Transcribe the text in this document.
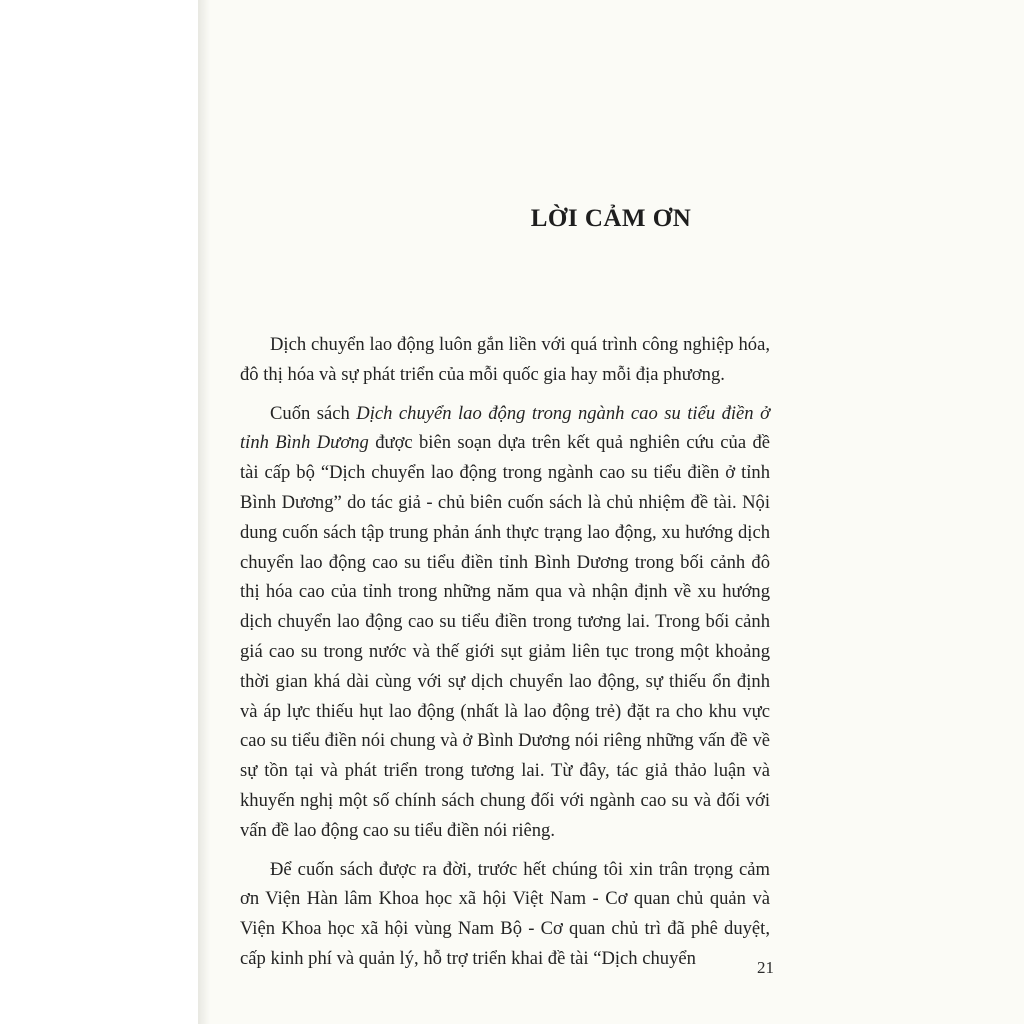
LỜI CẢM ƠN

Dịch chuyển lao động luôn gắn liền với quá trình công nghiệp hóa, đô thị hóa và sự phát triển của mỗi quốc gia hay mỗi địa phương.

Cuốn sách Dịch chuyển lao động trong ngành cao su tiểu điền ở tỉnh Bình Dương được biên soạn dựa trên kết quả nghiên cứu của đề tài cấp bộ “Dịch chuyển lao động trong ngành cao su tiểu điền ở tỉnh Bình Dương” do tác giả - chủ biên cuốn sách là chủ nhiệm đề tài. Nội dung cuốn sách tập trung phản ánh thực trạng lao động, xu hướng dịch chuyển lao động cao su tiểu điền tỉnh Bình Dương trong bối cảnh đô thị hóa cao của tỉnh trong những năm qua và nhận định về xu hướng dịch chuyển lao động cao su tiểu điền trong tương lai. Trong bối cảnh giá cao su trong nước và thế giới sụt giảm liên tục trong một khoảng thời gian khá dài cùng với sự dịch chuyển lao động, sự thiếu ổn định và áp lực thiếu hụt lao động (nhất là lao động trẻ) đặt ra cho khu vực cao su tiểu điền nói chung và ở Bình Dương nói riêng những vấn đề về sự tồn tại và phát triển trong tương lai. Từ đây, tác giả thảo luận và khuyến nghị một số chính sách chung đối với ngành cao su và đối với vấn đề lao động cao su tiểu điền nói riêng.

Để cuốn sách được ra đời, trước hết chúng tôi xin trân trọng cảm ơn Viện Hàn lâm Khoa học xã hội Việt Nam - Cơ quan chủ quản và Viện Khoa học xã hội vùng Nam Bộ - Cơ quan chủ trì đã phê duyệt, cấp kinh phí và quản lý, hỗ trợ triển khai đề tài “Dịch chuyển	21
